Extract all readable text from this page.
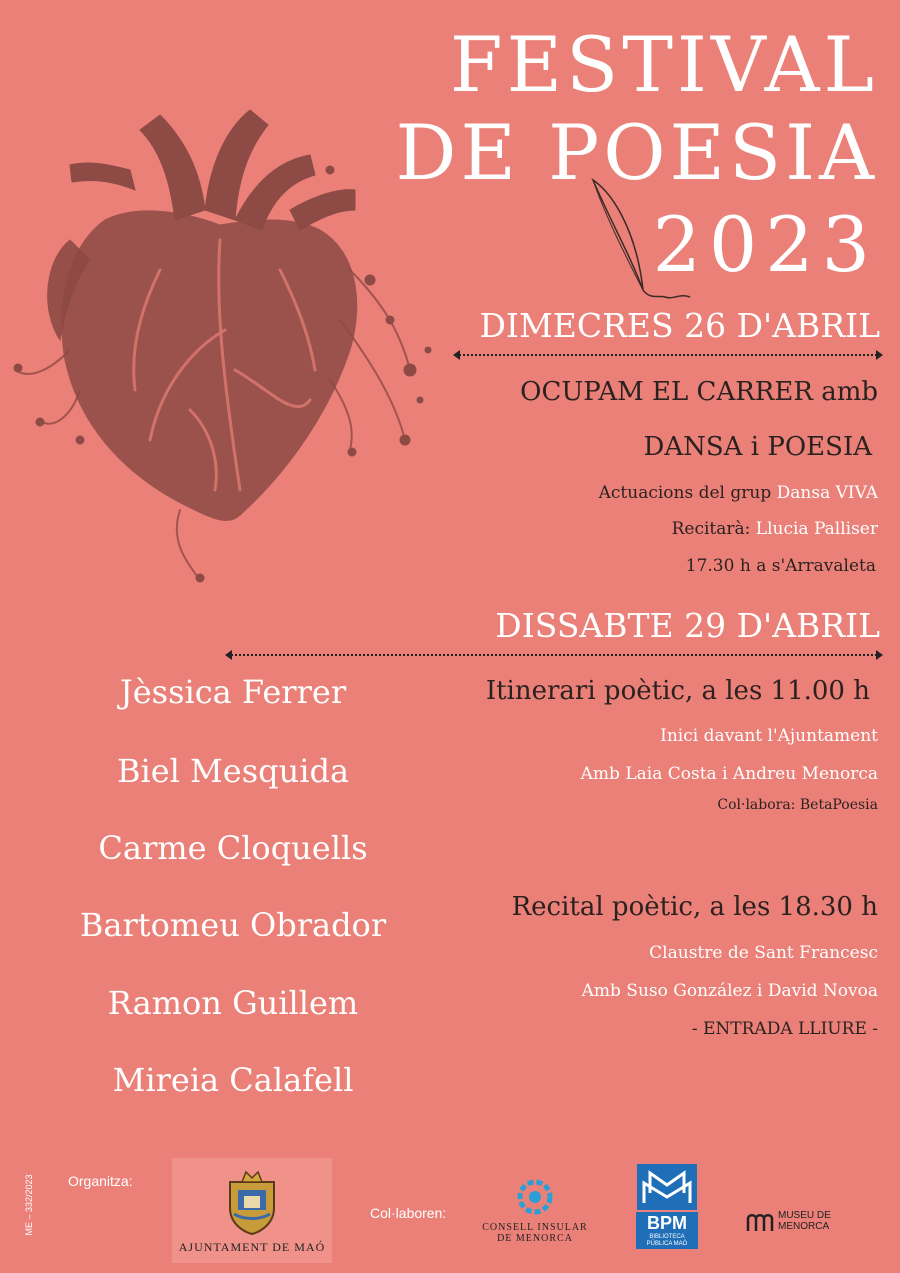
FESTIVAL
DE POESIA
2023
DIMECRES 26 D'ABRIL
OCUPAM EL CARRER amb
DANSA i POESIA
Actuacions del grup Dansa VIVA
Recitarà: Llucia Palliser
17.30 h a s'Arravaleta
DISSABTE 29 D'ABRIL
Itinerari poètic, a les 11.00 h
Inici davant l'Ajuntament
Amb Laia Costa i Andreu Menorca
Col·labora: BetaPoesia
Recital poètic, a les 18.30 h
Claustre de Sant Francesc
Amb Suso González i David Novoa
- ENTRADA LLIURE -
Jèssica Ferrer
Biel Mesquida
Carme Cloquells
Bartomeu Obrador
Ramon Guillem
Mireia Calafell
ME – 332/2023 Organitza:
AJUNTAMENT DE MAÓ
Col·laboren:
CONSELL INSULAR
DE MENORCA
BPM
BIBLIOTECA
PÚBLICA MAÓ
MUSEU DE
MENORCA
